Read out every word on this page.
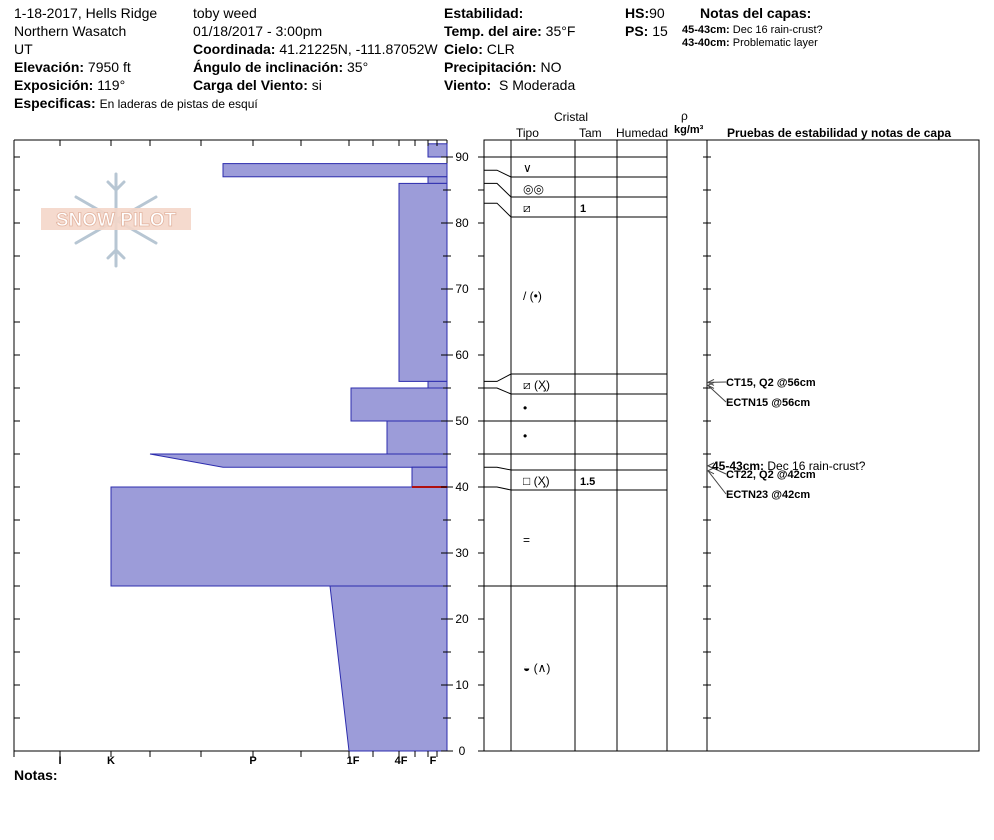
1-18-2017, Hells Ridge
Northern Wasatch
UT
Elevación: 7950 ft
Exposición: 119°
Especificas: En laderas de pistas de esquí
toby weed
01/18/2017 - 3:00pm
Coordinada: 41.21225N, -111.87052W
Ángulo de inclinación: 35°
Carga del Viento: si
Estabilidad:
Temp. del aire: 35°F
Cielo: CLR
Precipitación: NO
Viento: S Moderada
HS:90
PS: 15
Notas del capas:
45-43cm: Dec 16 rain-crust?
43-40cm: Problematic layer
Cristal
Tipo	Tam Humedad
ρ
kg/m³ Pruebas de estabilidad y notas de capa
SNOW PILOT
I	K	P	1F	4F F
0
10
20
30
40
50
60
70
80
90
∨
◎◎
⧄	1
/ (•)
⧄ (Ӽ)
•
•
□ (Ӽ)	1.5
=
◒ (∧)
CT15, Q2 @56cm
ECTN15 @56cm
CT22, Q2 @42cm
ECTN23 @42cm
45-43cm: Dec 16 rain-crust?
Notas:
